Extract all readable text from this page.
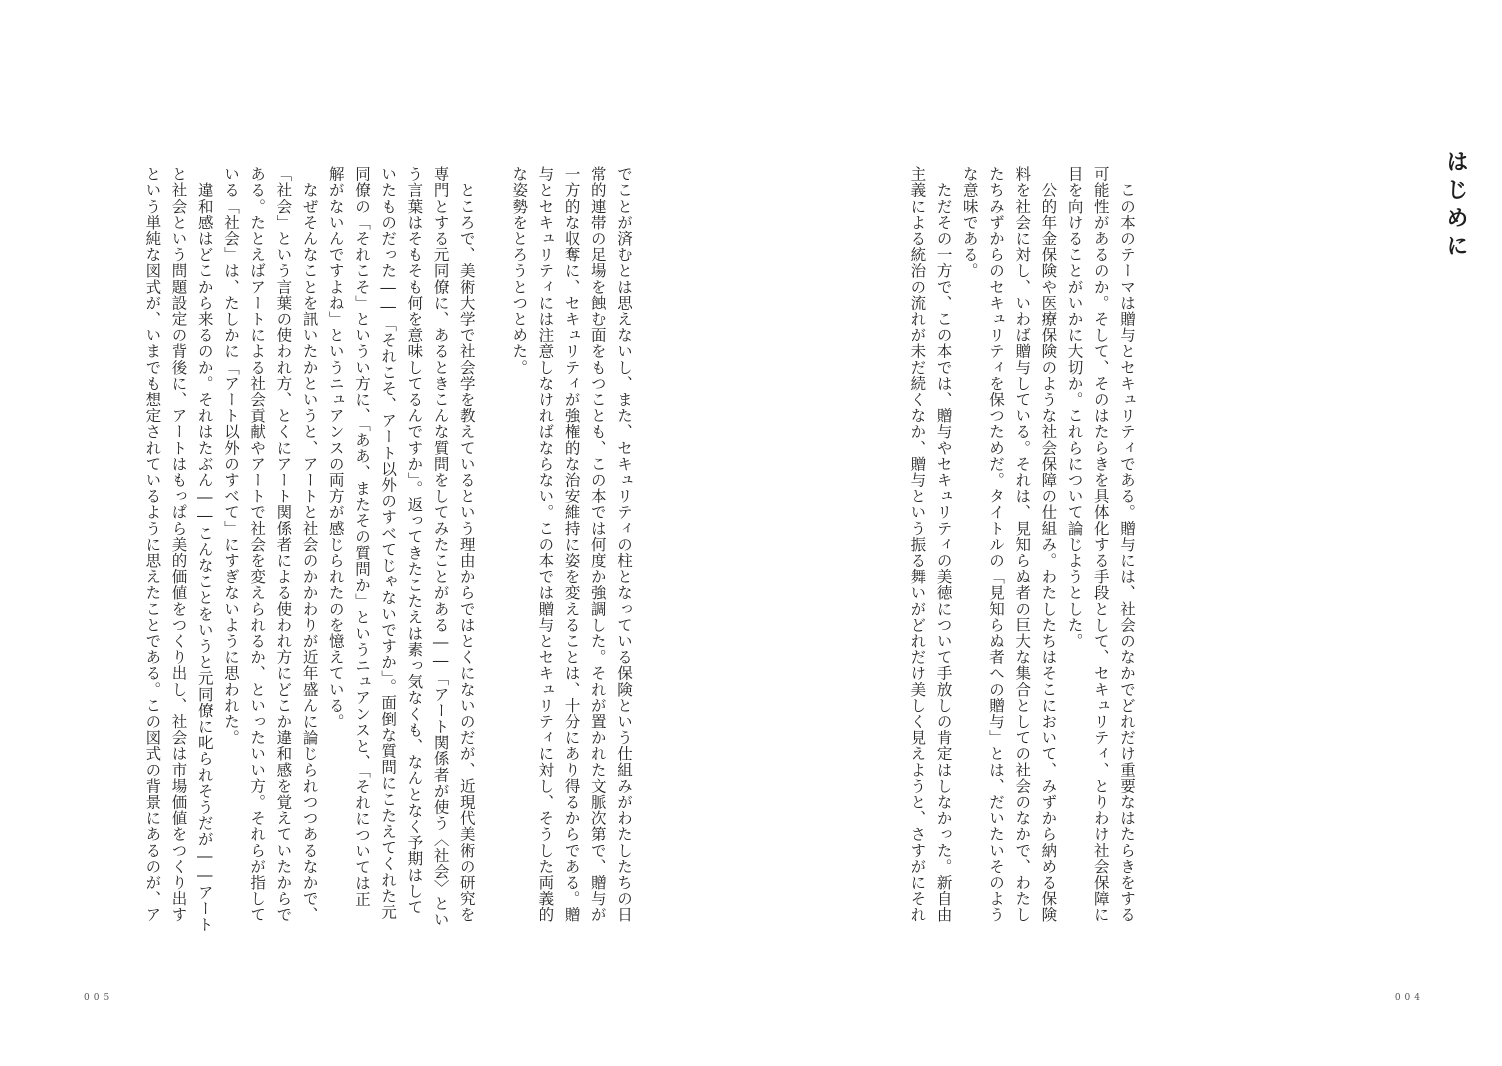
でことが済むとは思えないし、また、セキュリティの柱となっている保険という仕組みがわたしたちの日
常的連帯の足場を蝕む面をもつことも、この本では何度か強調した。それが置かれた文脈次第で、贈与が
一方的な収奪に、セキュリティが強権的な治安維持に姿を変えることは、十分にあり得るからである。贈
与とセキュリティには注意しなければならない。この本では贈与とセキュリティに対し、そうした両義的
な姿勢をとろうとつとめた。

　ところで、美術大学で社会学を教えているという理由からではとくにないのだが、近現代美術の研究を
専門とする元同僚に、あるときこんな質問をしてみたことがある――「アート関係者が使う〈社会〉とい
う言葉はそもそも何を意味してるんですか」。返ってきたこたえは素っ気なくも、なんとなく予期はして
いたものだった――「それこそ、アート以外のすべてじゃないですか」。面倒な質問にこたえてくれた元
同僚の「それこそ」というい方に、「ああ、またその質問か」というニュアンスと、「それについては正
解がないんですよね」というニュアンスの両方が感じられたのを憶えている。
　なぜそんなことを訊いたかというと、アートと社会のかかわりが近年盛んに論じられつつあるなかで、
「社会」という言葉の使われ方、とくにアート関係者による使われ方にどこか違和感を覚えていたからで
ある。たとえばアートによる社会貢献やアートで社会を変えられるか、といったいい方。それらが指して
いる「社会」は、たしかに「アート以外のすべて」にすぎないように思われた。
　違和感はどこから来るのか。それはたぶん――こんなことをいうと元同僚に叱られそうだが――アート
と社会という問題設定の背後に、アートはもっぱら美的価値をつくり出し、社会は市場価値をつくり出す
という単純な図式が、いまでも想定されているように思えたことである。この図式の背景にあるのが、ア
005
はじめに
　この本のテーマは贈与とセキュリティである。贈与には、社会のなかでどれだけ重要なはたらきをする
可能性があるのか。そして、そのはたらきを具体化する手段として、セキュリティ、とりわけ社会保障に
目を向けることがいかに大切か。これらについて論じようとした。
　公的年金保険や医療保険のような社会保障の仕組み。わたしたちはそこにおいて、みずから納める保険
料を社会に対し、いわば贈与している。それは、見知らぬ者の巨大な集合としての社会のなかで、わたし
たちみずからのセキュリティを保つためだ。タイトルの「見知らぬ者への贈与」とは、だいたいそのよう
な意味である。
　ただその一方で、この本では、贈与やセキュリティの美徳について手放しの肯定はしなかった。新自由
主義による統治の流れが未だ続くなか、贈与という振る舞いがどれだけ美しく見えようと、さすがにそれ
004
